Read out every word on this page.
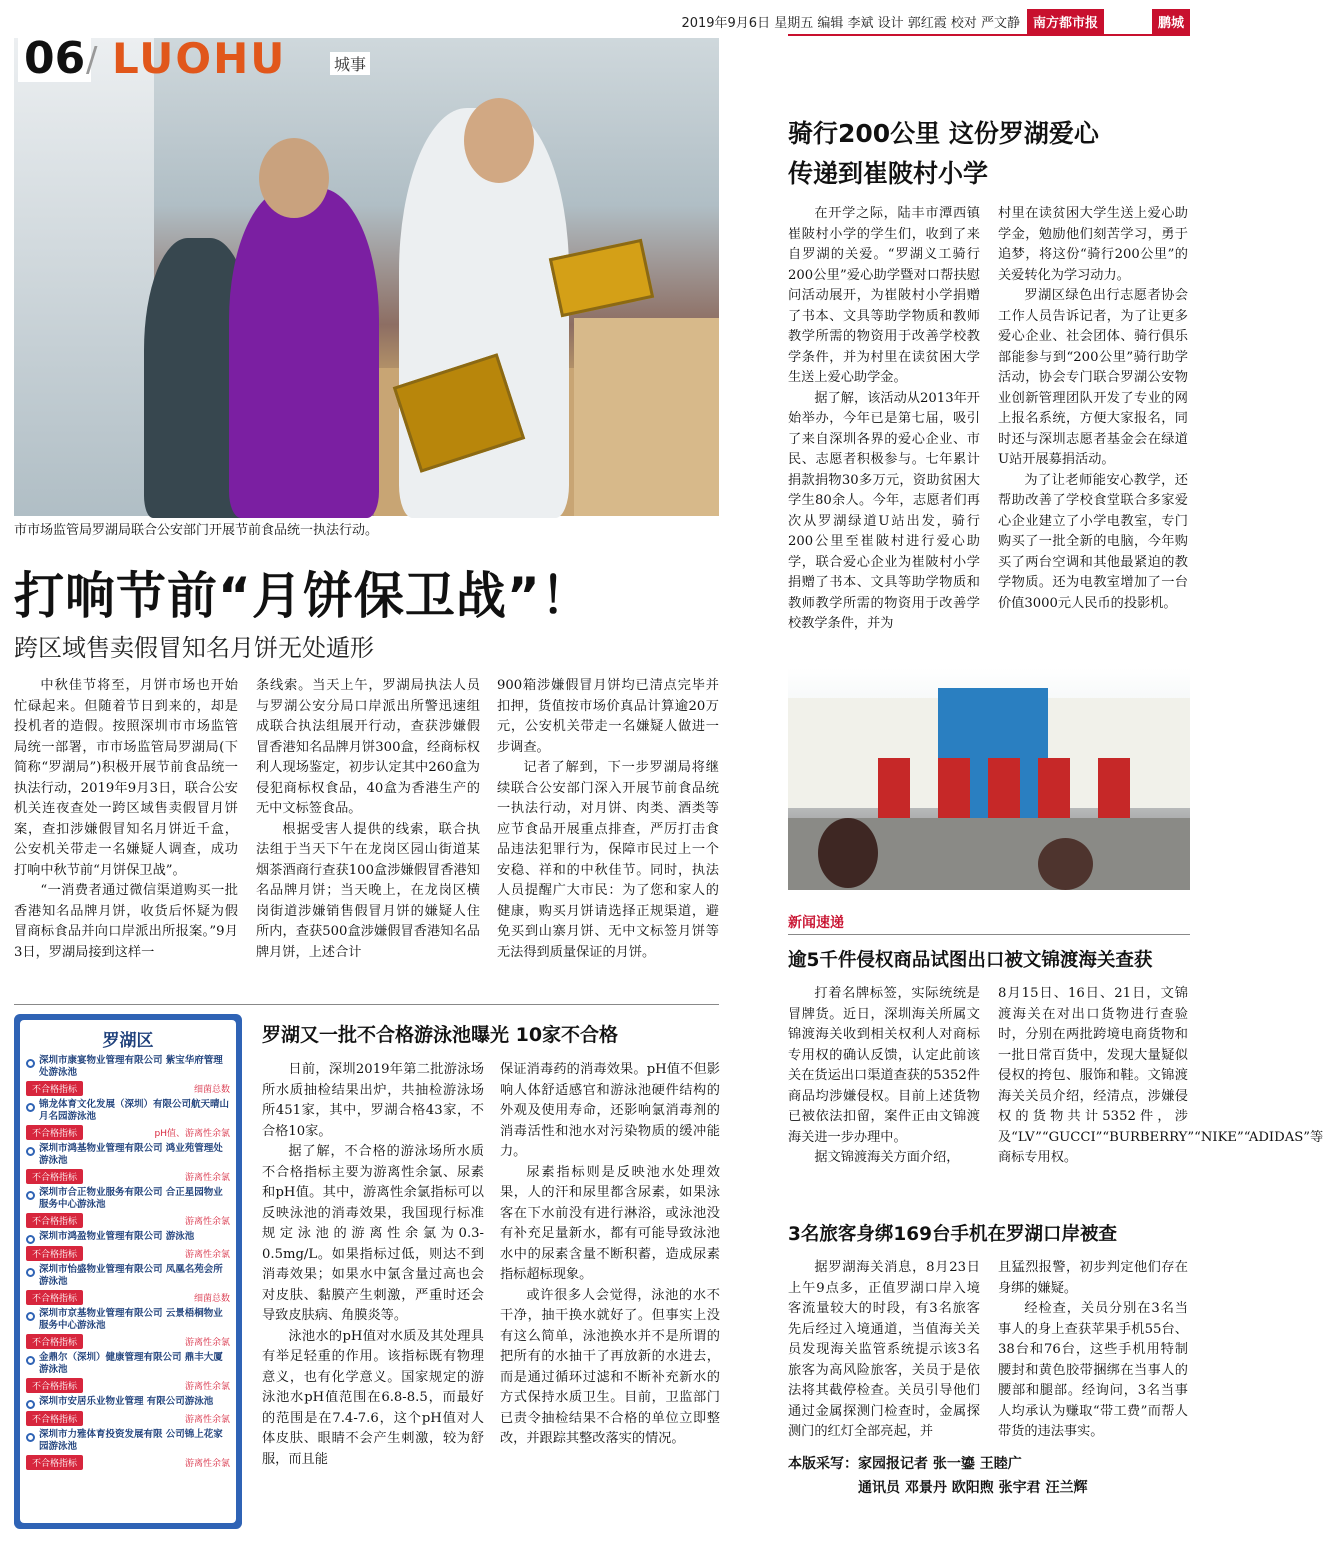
2019年9月6日 星期五 编辑 李斌 设计 郭红霞 校对 严文静 南方都市报	鹏城
06 / LUOHU	城事
市市场监管局罗湖局联合公安部门开展节前食品统一执法行动。
打响节前“月饼保卫战”！
跨区域售卖假冒知名月饼无处遁形

中秋佳节将至，月饼市场也开始忙碌起来。但随着节日到来的，却是投机者的造假。按照深圳市市场监管局统一部署，市市场监管局罗湖局(下简称“罗湖局”)积极开展节前食品统一执法行动，2019年9月3日，联合公安机关连夜查处一跨区域售卖假冒月饼案，查扣涉嫌假冒知名月饼近千盒，公安机关带走一名嫌疑人调查，成功打响中秋节前“月饼保卫战”。

“一消费者通过微信渠道购买一批香港知名品牌月饼，收货后怀疑为假冒商标食品并向口岸派出所报案。”9月3日，罗湖局接到这样一

条线索。当天上午，罗湖局执法人员与罗湖公安分局口岸派出所警迅速组成联合执法组展开行动，查获涉嫌假冒香港知名品牌月饼300盒，经商标权利人现场鉴定，初步认定其中260盒为侵犯商标权食品，40盒为香港生产的无中文标签食品。

根据受害人提供的线索，联合执法组于当天下午在龙岗区园山街道某烟茶酒商行查获100盒涉嫌假冒香港知名品牌月饼；当天晚上，在龙岗区横岗街道涉嫌销售假冒月饼的嫌疑人住所内，查获500盒涉嫌假冒香港知名品牌月饼，上述合计

900箱涉嫌假冒月饼均已清点完毕并扣押，货值按市场价真品计算逾20万元，公安机关带走一名嫌疑人做进一步调查。

记者了解到，下一步罗湖局将继续联合公安部门深入开展节前食品统一执法行动，对月饼、肉类、酒类等应节食品开展重点排查，严厉打击食品违法犯罪行为，保障市民过上一个安稳、祥和的中秋佳节。同时，执法人员提醒广大市民：为了您和家人的健康，购买月饼请选择正规渠道，避免买到山寨月饼、无中文标签月饼等无法得到质量保证的月饼。

罗湖区
深圳市康宴物业管理有限公司 紫宝华府管理处游泳池
不合格指标	细菌总数
锦龙体育文化发展（深圳）有限公司航天晴山月名园游泳池
不合格指标	pH值、游离性余氯
深圳市鸿基物业管理有限公司 鸿业苑管理处游泳池
不合格指标	游离性余氯
深圳市合正物业服务有限公司 合正星园物业服务中心游泳池
不合格指标	游离性余氯
深圳市鸿盈物业管理有限公司 游泳池
不合格指标	游离性余氯
深圳市怡盛物业管理有限公司 凤凰名苑会所游泳池
不合格指标	细菌总数
深圳市京基物业管理有限公司 云景梧桐物业服务中心游泳池
不合格指标	游离性余氯
金鼎尔（深圳）健康管理有限公司 鼎丰大厦游泳池
不合格指标	游离性余氯
深圳市安居乐业物业管理 有限公司游泳池
不合格指标	游离性余氯
深圳市力雅体育投资发展有限 公司锦上花家园游泳池
不合格指标	游离性余氯
罗湖又一批不合格游泳池曝光 10家不合格

日前，深圳2019年第二批游泳场所水质抽检结果出炉，共抽检游泳场所451家，其中，罗湖合格43家，不合格10家。

据了解，不合格的游泳场所水质不合格指标主要为游离性余氯、尿素和pH值。其中，游离性余氯指标可以反映泳池的消毒效果，我国现行标准规定泳池的游离性余氯为0.3-0.5mg/L。如果指标过低，则达不到消毒效果；如果水中氯含量过高也会对皮肤、黏膜产生刺激，严重时还会导致皮肤病、角膜炎等。

泳池水的pH值对水质及其处理具有举足轻重的作用。该指标既有物理意义，也有化学意义。国家规定的游泳池水pH值范围在6.8-8.5，而最好的范围是在7.4-7.6，这个pH值对人体皮肤、眼睛不会产生刺激，较为舒服，而且能

保证消毒药的消毒效果。pH值不但影响人体舒适感官和游泳池硬件结构的外观及使用寿命，还影响氯消毒剂的消毒活性和池水对污染物质的缓冲能力。

尿素指标则是反映池水处理效果，人的汗和尿里都含尿素，如果泳客在下水前没有进行淋浴，或泳池没有补充足量新水，都有可能导致泳池水中的尿素含量不断积蓄，造成尿素指标超标现象。

或许很多人会觉得，泳池的水不干净，抽干换水就好了。但事实上没有这么简单，泳池换水并不是所谓的把所有的水抽干了再放新的水进去，而是通过循环过滤和不断补充新水的方式保持水质卫生。目前，卫监部门已责令抽检结果不合格的单位立即整改，并跟踪其整改落实的情况。

骑行200公里 这份罗湖爱心
传递到崔陂村小学

在开学之际，陆丰市潭西镇崔陂村小学的学生们，收到了来自罗湖的关爱。“罗湖义工骑行200公里”爱心助学暨对口帮扶慰问活动展开，为崔陂村小学捐赠了书本、文具等助学物质和教师教学所需的物资用于改善学校教学条件，并为村里在读贫困大学生送上爱心助学金。

据了解，该活动从2013年开始举办，今年已是第七届，吸引了来自深圳各界的爱心企业、市民、志愿者积极参与。七年累计捐款捐物30多万元，资助贫困大学生80余人。今年，志愿者们再次从罗湖绿道U站出发，骑行200公里至崔陂村进行爱心助学，联合爱心企业为崔陂村小学捐赠了书本、文具等助学物质和教师教学所需的物资用于改善学校教学条件，并为

村里在读贫困大学生送上爱心助学金，勉励他们刻苦学习，勇于追梦，将这份“骑行200公里”的关爱转化为学习动力。

罗湖区绿色出行志愿者协会工作人员告诉记者，为了让更多爱心企业、社会团体、骑行俱乐部能参与到“200公里”骑行助学活动，协会专门联合罗湖公安物业创新管理团队开发了专业的网上报名系统，方便大家报名，同时还与深圳志愿者基金会在绿道U站开展募捐活动。

为了让老师能安心教学，还帮助改善了学校食堂联合多家爱心企业建立了小学电教室，专门购买了一批全新的电脑，今年购买了两台空调和其他最紧迫的教学物质。还为电教室增加了一台价值3000元人民币的投影机。

新闻速递
逾5千件侵权商品试图出口被文锦渡海关查获

打着名牌标签，实际统统是冒牌货。近日，深圳海关所属文锦渡海关收到相关权利人对商标专用权的确认反馈，认定此前该关在货运出口渠道查获的5352件商品均涉嫌侵权。目前上述货物已被依法扣留，案件正由文锦渡海关进一步办理中。

据文锦渡海关方面介绍，

8月15日、16日、21日，文锦渡海关在对出口货物进行查验时，分别在两批跨境电商货物和一批日常百货中，发现大量疑似侵权的挎包、服饰和鞋。文锦渡海关关员介绍，经清点，涉嫌侵权的货物共计5352件，涉及“LV”“GUCCI”“BURBERRY”“NIKE”“ADIDAS”等商标专用权。

3名旅客身绑169台手机在罗湖口岸被查

据罗湖海关消息，8月23日上午9点多，正值罗湖口岸入境客流量较大的时段，有3名旅客先后经过入境通道，当值海关关员发现海关监管系统提示该3名旅客为高风险旅客，关员于是依法将其截停检查。关员引导他们通过金属探测门检查时，金属探测门的红灯全部亮起，并

且猛烈报警，初步判定他们存在身绑的嫌疑。

经检查，关员分别在3名当事人的身上查获苹果手机55台、38台和76台，这些手机用特制腰封和黄色胶带捆绑在当事人的腰部和腿部。经询问，3名当事人均承认为赚取“带工费”而帮人带货的违法事实。

本版采写：家园报记者 张一鎏 王睦广
通讯员 邓景丹 欧阳煦 张宇君 汪兰辉
